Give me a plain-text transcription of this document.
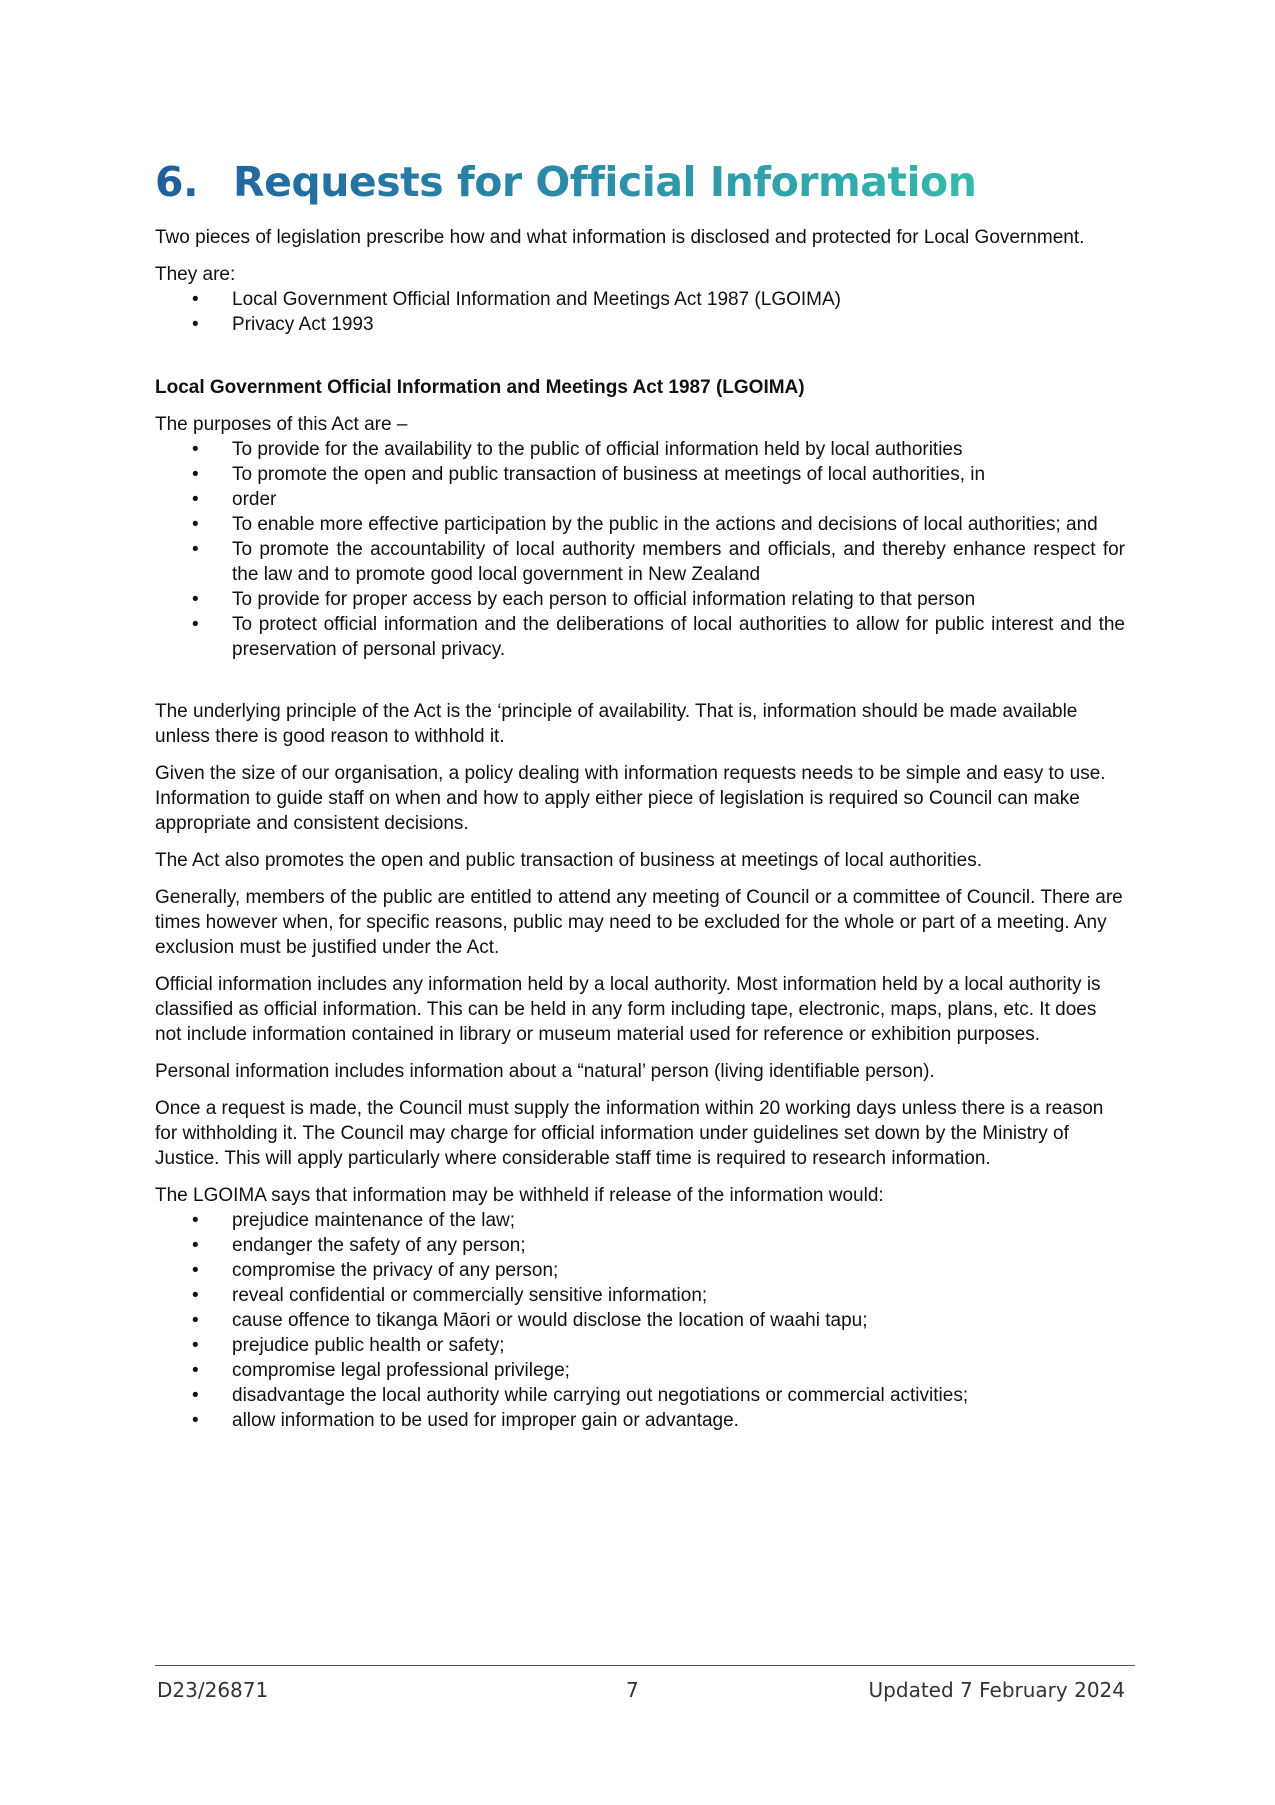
6. Requests for Official Information

Two pieces of legislation prescribe how and what information is disclosed and protected for Local Government.

They are:

• Local Government Official Information and Meetings Act 1987 (LGOIMA)
• Privacy Act 1993

Local Government Official Information and Meetings Act 1987 (LGOIMA)

The purposes of this Act are –

• To provide for the availability to the public of official information held by local authorities
• To promote the open and public transaction of business at meetings of local authorities, in
• order
• To enable more effective participation by the public in the actions and decisions of local authorities; and
• To promote the accountability of local authority members and officials, and thereby enhance respect for the law and to promote good local government in New Zealand
• To provide for proper access by each person to official information relating to that person
• To protect official information and the deliberations of local authorities to allow for public interest and the preservation of personal privacy.

The underlying principle of the Act is the ‘principle of availability. That is, information should be made available unless there is good reason to withhold it.

Given the size of our organisation, a policy dealing with information requests needs to be simple and easy to use. Information to guide staff on when and how to apply either piece of legislation is required so Council can make appropriate and consistent decisions.

The Act also promotes the open and public transaction of business at meetings of local authorities.

Generally, members of the public are entitled to attend any meeting of Council or a committee of Council. There are times however when, for specific reasons, public may need to be excluded for the whole or part of a meeting. Any exclusion must be justified under the Act.

Official information includes any information held by a local authority. Most information held by a local authority is classified as official information. This can be held in any form including tape, electronic, maps, plans, etc. It does not include information contained in library or museum material used for reference or exhibition purposes.

Personal information includes information about a “natural’ person (living identifiable person).

Once a request is made, the Council must supply the information within 20 working days unless there is a reason for withholding it. The Council may charge for official information under guidelines set down by the Ministry of Justice. This will apply particularly where considerable staff time is required to research information.

The LGOIMA says that information may be withheld if release of the information would:

• prejudice maintenance of the law;
• endanger the safety of any person;
• compromise the privacy of any person;
• reveal confidential or commercially sensitive information;
• cause offence to tikanga Māori or would disclose the location of waahi tapu;
• prejudice public health or safety;
• compromise legal professional privilege;
• disadvantage the local authority while carrying out negotiations or commercial activities;
• allow information to be used for improper gain or advantage.
D23/26871	7	Updated 7 February 2024
